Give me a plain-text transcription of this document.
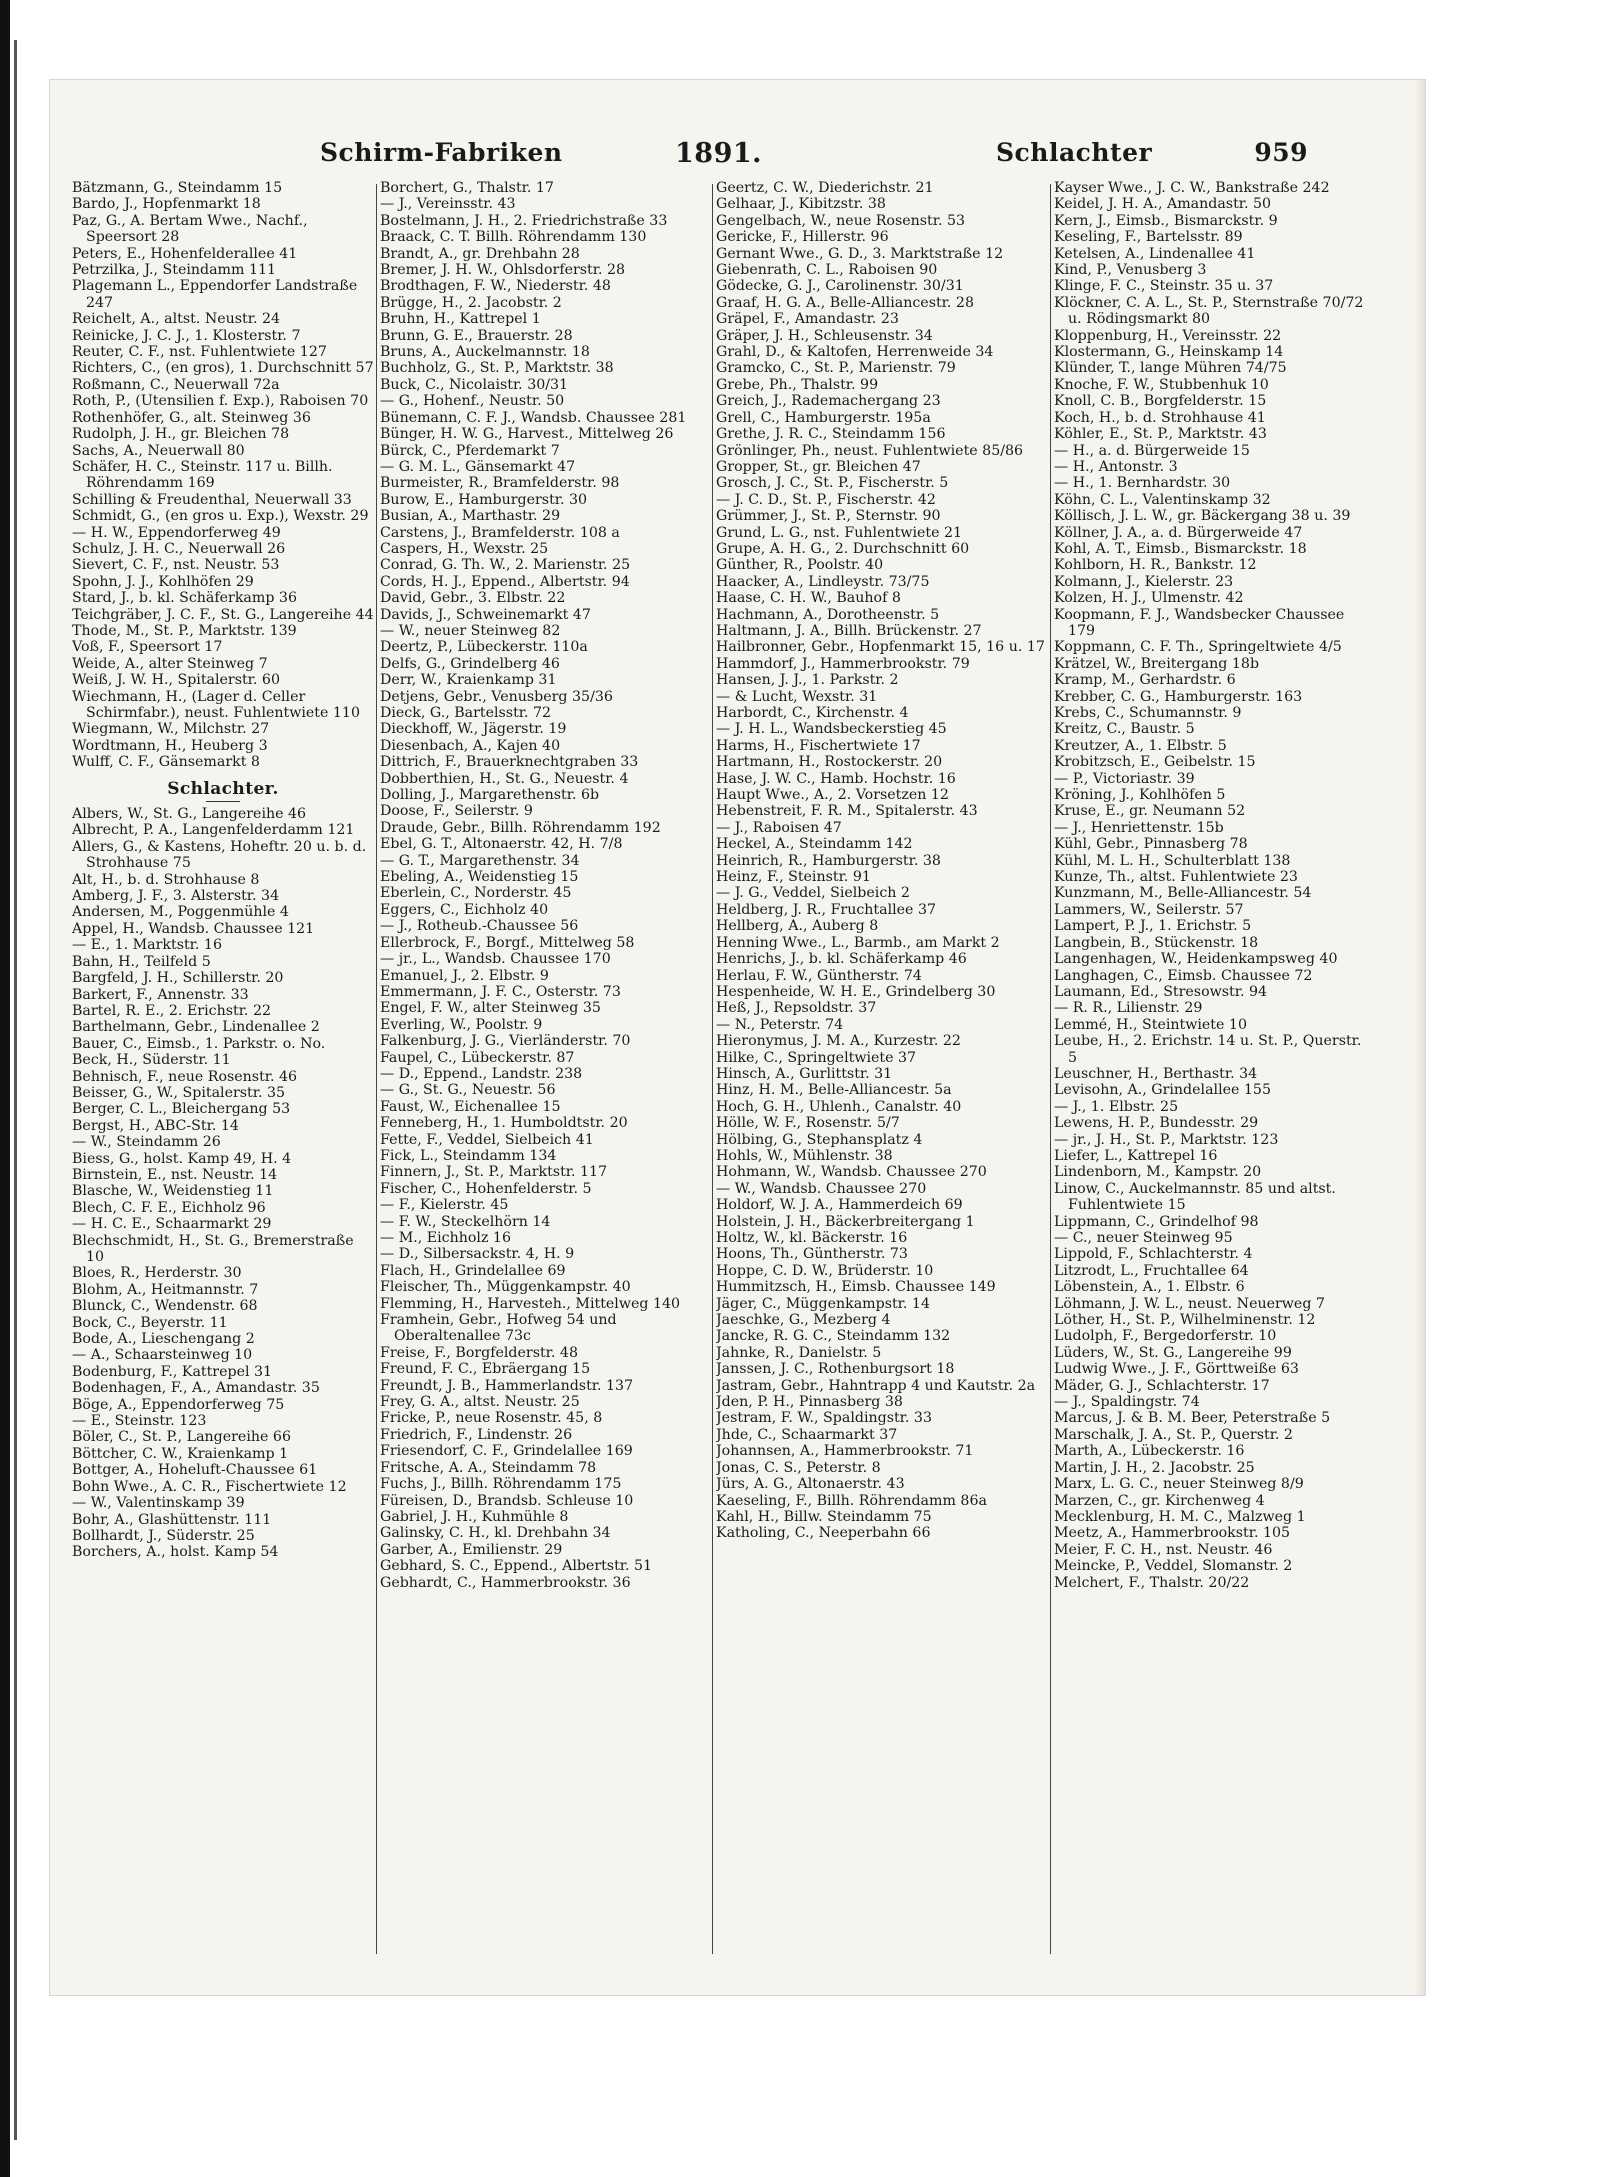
Schirm-Fabriken	1891.	Schlachter	959
Bätzmann, G., Steindamm 15
Bardo, J., Hopfenmarkt 18
Paz, G., A. Bertam Wwe., Nachf., Speersort 28
Peters, E., Hohenfelderallee 41
Petrzilka, J., Steindamm 111
Plagemann L., Eppendorfer Landstraße 247
Reichelt, A., altst. Neustr. 24
Reinicke, J. C. J., 1. Klosterstr. 7
Reuter, C. F., nst. Fuhlentwiete 127
Richters, C., (en gros), 1. Durchschnitt 57
Roßmann, C., Neuerwall 72a
Roth, P., (Utensilien f. Exp.), Raboisen 70
Rothenhöfer, G., alt. Steinweg 36
Rudolph, J. H., gr. Bleichen 78
Sachs, A., Neuerwall 80
Schäfer, H. C., Steinstr. 117 u. Billh. Röhrendamm 169
Schilling & Freudenthal, Neuerwall 33
Schmidt, G., (en gros u. Exp.), Wexstr. 29
— H. W., Eppendorferweg 49
Schulz, J. H. C., Neuerwall 26
Sievert, C. F., nst. Neustr. 53
Spohn, J. J., Kohlhöfen 29
Stard, J., b. kl. Schäferkamp 36
Teichgräber, J. C. F., St. G., Langereihe 44
Thode, M., St. P., Marktstr. 139
Voß, F., Speersort 17
Weide, A., alter Steinweg 7
Weiß, J. W. H., Spitalerstr. 60
Wiechmann, H., (Lager d. Celler Schirmfabr.), neust. Fuhlentwiete 110
Wiegmann, W., Milchstr. 27
Wordtmann, H., Heuberg 3
Wulff, C. F., Gänsemarkt 8
Schlachter.
Albers, W., St. G., Langereihe 46
Albrecht, P. A., Langenfelderdamm 121
Allers, G., & Kastens, Hoheftr. 20 u. b. d. Strohhause 75
Alt, H., b. d. Strohhause 8
Amberg, J. F., 3. Alsterstr. 34
Andersen, M., Poggenmühle 4
Appel, H., Wandsb. Chaussee 121
— E., 1. Marktstr. 16
Bahn, H., Teilfeld 5
Bargfeld, J. H., Schillerstr. 20
Barkert, F., Annenstr. 33
Bartel, R. E., 2. Erichstr. 22
Barthelmann, Gebr., Lindenallee 2
Bauer, C., Eimsb., 1. Parkstr. o. No.
Beck, H., Süderstr. 11
Behnisch, F., neue Rosenstr. 46
Beisser, G., W., Spitalerstr. 35
Berger, C. L., Bleichergang 53
Bergst, H., ABC-Str. 14
— W., Steindamm 26
Biess, G., holst. Kamp 49, H. 4
Birnstein, E., nst. Neustr. 14
Blasche, W., Weidenstieg 11
Blech, C. F. E., Eichholz 96
— H. C. E., Schaarmarkt 29
Blechschmidt, H., St. G., Bremerstraße 10
Bloes, R., Herderstr. 30
Blohm, A., Heitmannstr. 7
Blunck, C., Wendenstr. 68
Bock, C., Beyerstr. 11
Bode, A., Lieschengang 2
— A., Schaarsteinweg 10
Bodenburg, F., Kattrepel 31
Bodenhagen, F., A., Amandastr. 35
Böge, A., Eppendorferweg 75
— E., Steinstr. 123
Böler, C., St. P., Langereihe 66
Böttcher, C. W., Kraienkamp 1
Bottger, A., Hoheluft-Chaussee 61
Bohn Wwe., A. C. R., Fischertwiete 12
— W., Valentinskamp 39
Bohr, A., Glashüttenstr. 111
Bollhardt, J., Süderstr. 25
Borchers, A., holst. Kamp 54
Borchert, G., Thalstr. 17
— J., Vereinsstr. 43
Bostelmann, J. H., 2. Friedrichstraße 33
Braack, C. T. Billh. Röhrendamm 130
Brandt, A., gr. Drehbahn 28
Bremer, J. H. W., Ohlsdorferstr. 28
Brodthagen, F. W., Niederstr. 48
Brügge, H., 2. Jacobstr. 2
Bruhn, H., Kattrepel 1
Brunn, G. E., Brauerstr. 28
Bruns, A., Auckelmannstr. 18
Buchholz, G., St. P., Marktstr. 38
Buck, C., Nicolaistr. 30/31
— G., Hohenf., Neustr. 50
Bünemann, C. F. J., Wandsb. Chaussee 281
Bünger, H. W. G., Harvest., Mittelweg 26
Bürck, C., Pferdemarkt 7
— G. M. L., Gänsemarkt 47
Burmeister, R., Bramfelderstr. 98
Burow, E., Hamburgerstr. 30
Busian, A., Marthastr. 29
Carstens, J., Bramfelderstr. 108 a
Caspers, H., Wexstr. 25
Conrad, G. Th. W., 2. Marienstr. 25
Cords, H. J., Eppend., Albertstr. 94
David, Gebr., 3. Elbstr. 22
Davids, J., Schweinemarkt 47
— W., neuer Steinweg 82
Deertz, P., Lübeckerstr. 110a
Delfs, G., Grindelberg 46
Derr, W., Kraienkamp 31
Detjens, Gebr., Venusberg 35/36
Dieck, G., Bartelsstr. 72
Dieckhoff, W., Jägerstr. 19
Diesenbach, A., Kajen 40
Dittrich, F., Brauerknechtgraben 33
Dobberthien, H., St. G., Neuestr. 4
Dolling, J., Margarethenstr. 6b
Doose, F., Seilerstr. 9
Draude, Gebr., Billh. Röhrendamm 192
Ebel, G. T., Altonaerstr. 42, H. 7/8
— G. T., Margarethenstr. 34
Ebeling, A., Weidenstieg 15
Eberlein, C., Norderstr. 45
Eggers, C., Eichholz 40
— J., Rotheub.-Chaussee 56
Ellerbrock, F., Borgf., Mittelweg 58
— jr., L., Wandsb. Chaussee 170
Emanuel, J., 2. Elbstr. 9
Emmermann, J. F. C., Osterstr. 73
Engel, F. W., alter Steinweg 35
Everling, W., Poolstr. 9
Falkenburg, J. G., Vierländerstr. 70
Faupel, C., Lübeckerstr. 87
— D., Eppend., Landstr. 238
— G., St. G., Neuestr. 56
Faust, W., Eichenallee 15
Fenneberg, H., 1. Humboldtstr. 20
Fette, F., Veddel, Sielbeich 41
Fick, L., Steindamm 134
Finnern, J., St. P., Marktstr. 117
Fischer, C., Hohenfelderstr. 5
— F., Kielerstr. 45
— F. W., Steckelhörn 14
— M., Eichholz 16
— D., Silbersackstr. 4, H. 9
Flach, H., Grindelallee 69
Fleischer, Th., Müggenkampstr. 40
Flemming, H., Harvesteh., Mittelweg 140
Framhein, Gebr., Hofweg 54 und Oberaltenallee 73c
Freise, F., Borgfelderstr. 48
Freund, F. C., Ebräergang 15
Freundt, J. B., Hammerlandstr. 137
Frey, G. A., altst. Neustr. 25
Fricke, P., neue Rosenstr. 45, 8
Friedrich, F., Lindenstr. 26
Friesendorf, C. F., Grindelallee 169
Fritsche, A. A., Steindamm 78
Fuchs, J., Billh. Röhrendamm 175
Füreisen, D., Brandsb. Schleuse 10
Gabriel, J. H., Kuhmühle 8
Galinsky, C. H., kl. Drehbahn 34
Garber, A., Emilienstr. 29
Gebhard, S. C., Eppend., Albertstr. 51
Gebhardt, C., Hammerbrookstr. 36
Geertz, C. W., Diederichstr. 21
Gelhaar, J., Kibitzstr. 38
Gengelbach, W., neue Rosenstr. 53
Gericke, F., Hillerstr. 96
Gernant Wwe., G. D., 3. Marktstraße 12
Giebenrath, C. L., Raboisen 90
Gödecke, G. J., Carolinenstr. 30/31
Graaf, H. G. A., Belle-Alliancestr. 28
Gräpel, F., Amandastr. 23
Gräper, J. H., Schleusenstr. 34
Grahl, D., & Kaltofen, Herrenweide 34
Gramcko, C., St. P., Marienstr. 79
Grebe, Ph., Thalstr. 99
Greich, J., Rademachergang 23
Grell, C., Hamburgerstr. 195a
Grethe, J. R. C., Steindamm 156
Grönlinger, Ph., neust. Fuhlentwiete 85/86
Gropper, St., gr. Bleichen 47
Grosch, J. C., St. P., Fischerstr. 5
— J. C. D., St. P., Fischerstr. 42
Grümmer, J., St. P., Sternstr. 90
Grund, L. G., nst. Fuhlentwiete 21
Grupe, A. H. G., 2. Durchschnitt 60
Günther, R., Poolstr. 40
Haacker, A., Lindleystr. 73/75
Haase, C. H. W., Bauhof 8
Hachmann, A., Dorotheenstr. 5
Haltmann, J. A., Billh. Brückenstr. 27
Hailbronner, Gebr., Hopfenmarkt 15, 16 u. 17
Hammdorf, J., Hammerbrookstr. 79
Hansen, J. J., 1. Parkstr. 2
— & Lucht, Wexstr. 31
Harbordt, C., Kirchenstr. 4
— J. H. L., Wandsbeckerstieg 45
Harms, H., Fischertwiete 17
Hartmann, H., Rostockerstr. 20
Hase, J. W. C., Hamb. Hochstr. 16
Haupt Wwe., A., 2. Vorsetzen 12
Hebenstreit, F. R. M., Spitalerstr. 43
— J., Raboisen 47
Heckel, A., Steindamm 142
Heinrich, R., Hamburgerstr. 38
Heinz, F., Steinstr. 91
— J. G., Veddel, Sielbeich 2
Heldberg, J. R., Fruchtallee 37
Hellberg, A., Auberg 8
Henning Wwe., L., Barmb., am Markt 2
Henrichs, J., b. kl. Schäferkamp 46
Herlau, F. W., Güntherstr. 74
Hespenheide, W. H. E., Grindelberg 30
Heß, J., Repsoldstr. 37
— N., Peterstr. 74
Hieronymus, J. M. A., Kurzestr. 22
Hilke, C., Springeltwiete 37
Hinsch, A., Gurlittstr. 31
Hinz, H. M., Belle-Alliancestr. 5a
Hoch, G. H., Uhlenh., Canalstr. 40
Hölle, W. F., Rosenstr. 5/7
Hölbing, G., Stephansplatz 4
Hohls, W., Mühlenstr. 38
Hohmann, W., Wandsb. Chaussee 270
— W., Wandsb. Chaussee 270
Holdorf, W. J. A., Hammerdeich 69
Holstein, J. H., Bäckerbreitergang 1
Holtz, W., kl. Bäckerstr. 16
Hoons, Th., Güntherstr. 73
Hoppe, C. D. W., Brüderstr. 10
Hummitzsch, H., Eimsb. Chaussee 149
Jäger, C., Müggenkampstr. 14
Jaeschke, G., Mezberg 4
Jancke, R. G. C., Steindamm 132
Jahnke, R., Danielstr. 5
Janssen, J. C., Rothenburgsort 18
Jastram, Gebr., Hahntrapp 4 und Kautstr. 2a
Jden, P. H., Pinnasberg 38
Jestram, F. W., Spaldingstr. 33
Jhde, C., Schaarmarkt 37
Johannsen, A., Hammerbrookstr. 71
Jonas, C. S., Peterstr. 8
Jürs, A. G., Altonaerstr. 43
Kaeseling, F., Billh. Röhrendamm 86a
Kahl, H., Billw. Steindamm 75
Katholing, C., Neeperbahn 66
Kayser Wwe., J. C. W., Bankstraße 242
Keidel, J. H. A., Amandastr. 50
Kern, J., Eimsb., Bismarckstr. 9
Keseling, F., Bartelsstr. 89
Ketelsen, A., Lindenallee 41
Kind, P., Venusberg 3
Klinge, F. C., Steinstr. 35 u. 37
Klöckner, C. A. L., St. P., Sternstraße 70/72 u. Rödingsmarkt 80
Kloppenburg, H., Vereinsstr. 22
Klostermann, G., Heinskamp 14
Klünder, T., lange Mühren 74/75
Knoche, F. W., Stubbenhuk 10
Knoll, C. B., Borgfelderstr. 15
Koch, H., b. d. Strohhause 41
Köhler, E., St. P., Marktstr. 43
— H., a. d. Bürgerweide 15
— H., Antonstr. 3
— H., 1. Bernhardstr. 30
Köhn, C. L., Valentinskamp 32
Köllisch, J. L. W., gr. Bäckergang 38 u. 39
Köllner, J. A., a. d. Bürgerweide 47
Kohl, A. T., Eimsb., Bismarckstr. 18
Kohlborn, H. R., Bankstr. 12
Kolmann, J., Kielerstr. 23
Kolzen, H. J., Ulmenstr. 42
Koopmann, F. J., Wandsbecker Chaussee 179
Koppmann, C. F. Th., Springeltwiete 4/5
Krätzel, W., Breitergang 18b
Kramp, M., Gerhardstr. 6
Krebber, C. G., Hamburgerstr. 163
Krebs, C., Schumannstr. 9
Kreitz, C., Baustr. 5
Kreutzer, A., 1. Elbstr. 5
Krobitzsch, E., Geibelstr. 15
— P., Victoriastr. 39
Kröning, J., Kohlhöfen 5
Kruse, E., gr. Neumann 52
— J., Henriettenstr. 15b
Kühl, Gebr., Pinnasberg 78
Kühl, M. L. H., Schulterblatt 138
Kunze, Th., altst. Fuhlentwiete 23
Kunzmann, M., Belle-Alliancestr. 54
Lammers, W., Seilerstr. 57
Lampert, P. J., 1. Erichstr. 5
Langbein, B., Stückenstr. 18
Langenhagen, W., Heidenkampsweg 40
Langhagen, C., Eimsb. Chaussee 72
Laumann, Ed., Stresowstr. 94
— R. R., Lilienstr. 29
Lemmé, H., Steintwiete 10
Leube, H., 2. Erichstr. 14 u. St. P., Querstr. 5
Leuschner, H., Berthastr. 34
Levisohn, A., Grindelallee 155
— J., 1. Elbstr. 25
Lewens, H. P., Bundesstr. 29
— jr., J. H., St. P., Marktstr. 123
Liefer, L., Kattrepel 16
Lindenborn, M., Kampstr. 20
Linow, C., Auckelmannstr. 85 und altst. Fuhlentwiete 15
Lippmann, C., Grindelhof 98
— C., neuer Steinweg 95
Lippold, F., Schlachterstr. 4
Litzrodt, L., Fruchtallee 64
Löbenstein, A., 1. Elbstr. 6
Löhmann, J. W. L., neust. Neuerweg 7
Löther, H., St. P., Wilhelminenstr. 12
Ludolph, F., Bergedorferstr. 10
Lüders, W., St. G., Langereihe 99
Ludwig Wwe., J. F., Görttweiße 63
Mäder, G. J., Schlachterstr. 17
— J., Spaldingstr. 74
Marcus, J. & B. M. Beer, Peterstraße 5
Marschalk, J. A., St. P., Querstr. 2
Marth, A., Lübeckerstr. 16
Martin, J. H., 2. Jacobstr. 25
Marx, L. G. C., neuer Steinweg 8/9
Marzen, C., gr. Kirchenweg 4
Mecklenburg, H. M. C., Malzweg 1
Meetz, A., Hammerbrookstr. 105
Meier, F. C. H., nst. Neustr. 46
Meincke, P., Veddel, Slomanstr. 2
Melchert, F., Thalstr. 20/22
